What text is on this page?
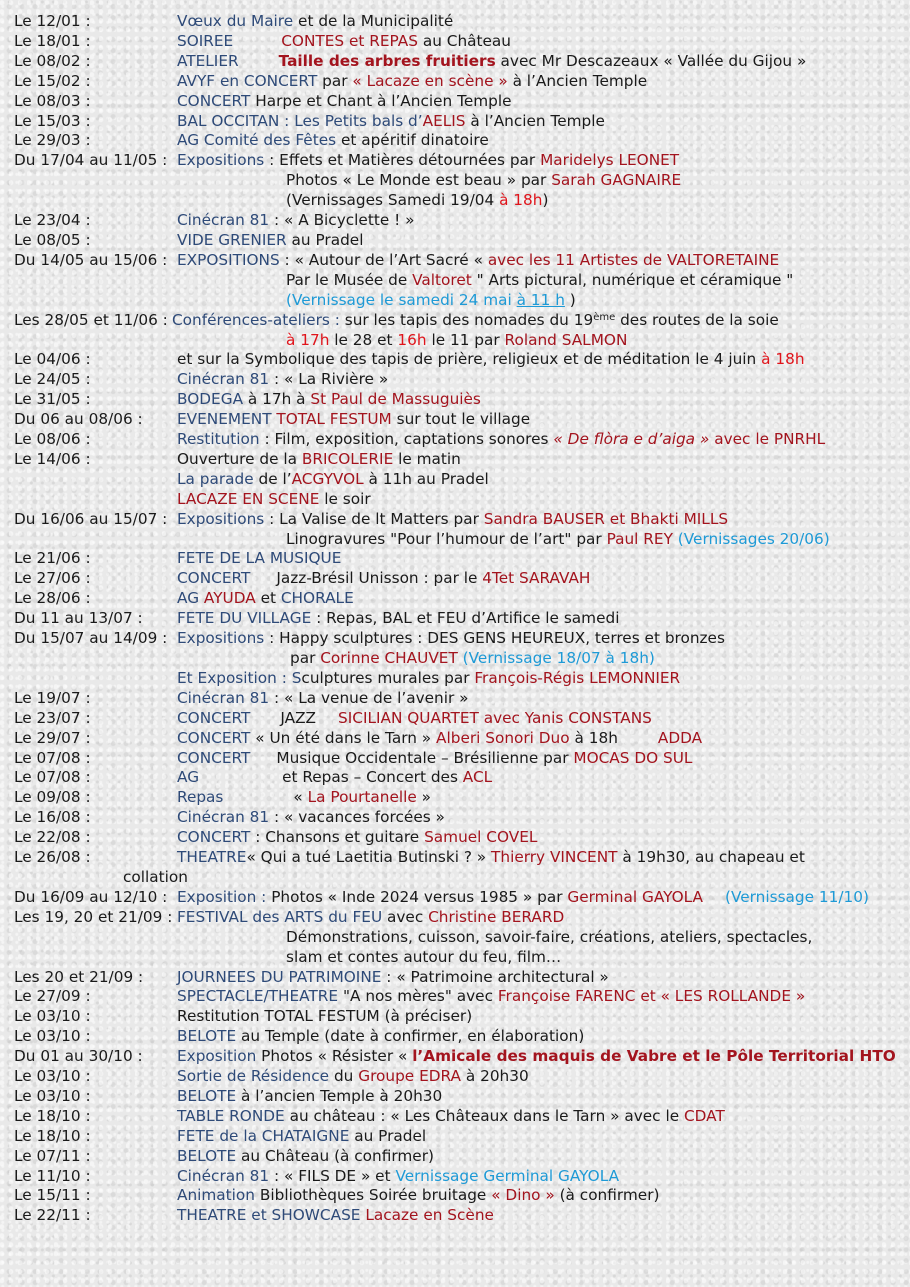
Le 12/01 :	Vœux du Maire et de la Municipalité
Le 18/01 :	SOIREE	CONTES et REPAS au Château
Le 08/02 :	ATELIER	Taille des arbres fruitiers avec Mr Descazeaux « Vallée du Gijou »
Le 15/02 :	AVYF en CONCERT par « Lacaze en scène » à l’Ancien Temple
Le 08/03 :	CONCERT Harpe et Chant à l’Ancien Temple
Le 15/03 :	BAL OCCITAN : Les Petits bals d’AELIS à l’Ancien Temple
Le 29/03 :	AG Comité des Fêtes et apéritif dinatoire
Du 17/04 au 11/05 : Expositions : Effets et Matières détournées par Maridelys LEONET
Photos « Le Monde est beau » par Sarah GAGNAIRE
(Vernissages Samedi 19/04 à 18h)
Le 23/04 :	Cinécran 81 : « A Bicyclette ! »
Le 08/05 :	VIDE GRENIER au Pradel
Du 14/05 au 15/06 : EXPOSITIONS : « Autour de l’Art Sacré « avec les 11 Artistes de VALTORETAINE
Par le Musée de Valtoret " Arts pictural, numérique et céramique "
(Vernissage le samedi 24 mai à 11 h )
Les 28/05 et 11/06 : Conférences-ateliers : sur les tapis des nomades du 19ème des routes de la soie
à 17h le 28 et 16h le 11 par Roland SALMON
Le 04/06 :	et sur la Symbolique des tapis de prière, religieux et de méditation le 4 juin à 18h
Le 24/05 :	Cinécran 81 : « La Rivière »
Le 31/05 :	BODEGA à 17h à St Paul de Massuguiès
Du 06 au 08/06 : EVENEMENT TOTAL FESTUM sur tout le village
Le 08/06 :	Restitution : Film, exposition, captations sonores « De flòra e d’aiga » avec le PNRHL
Le 14/06 :	Ouverture de la BRICOLERIE le matin
La parade de l’ACGYVOL à 11h au Pradel
LACAZE EN SCENE le soir
Du 16/06 au 15/07 : Expositions : La Valise de lt Matters par Sandra BAUSER et Bhakti MILLS
Linogravures "Pour l’humour de l’art" par Paul REY (Vernissages 20/06)
Le 21/06 :	FETE DE LA MUSIQUE
Le 27/06 :	CONCERT Jazz-Brésil Unisson : par le 4Tet SARAVAH
Le 28/06 :	AG AYUDA et CHORALE
Du 11 au 13/07 : FETE DU VILLAGE : Repas, BAL et FEU d’Artifice le samedi
Du 15/07 au 14/09 : Expositions : Happy sculptures : DES GENS HEUREUX, terres et bronzes
par Corinne CHAUVET (Vernissage 18/07 à 18h)
Et Exposition : Sculptures murales par François-Régis LEMONNIER
Le 19/07 :	Cinécran 81 : « La venue de l’avenir »
Le 23/07 :	CONCERT JAZZ SICILIAN QUARTET avec Yanis CONSTANS
Le 29/07 :	CONCERT « Un été dans le Tarn » Alberi Sonori Duo à 18h	ADDA
Le 07/08 :	CONCERT Musique Occidentale – Brésilienne par MOCAS DO SUL
Le 07/08 :	AG	et Repas – Concert des ACL
Le 09/08 :	Repas	« La Pourtanelle »
Le 16/08 :	Cinécran 81 : « vacances forcées »
Le 22/08 :	CONCERT : Chansons et guitare Samuel COVEL
Le 26/08 :	THEATRE« Qui a tué Laetitia Butinski ? » Thierry VINCENT à 19h30, au chapeau et
collation
Du 16/09 au 12/10 : Exposition : Photos « Inde 2024 versus 1985 » par Germinal GAYOLA (Vernissage 11/10)
Les 19, 20 et 21/09 : FESTIVAL des ARTS du FEU avec Christine BERARD
Démonstrations, cuisson, savoir-faire, créations, ateliers, spectacles,
slam et contes autour du feu, film…
Les 20 et 21/09 : JOURNEES DU PATRIMOINE : « Patrimoine architectural »
Le 27/09 :	SPECTACLE/THEATRE "A nos mères" avec Françoise FARENC et « LES ROLLANDE »
Le 03/10 :	Restitution TOTAL FESTUM (à préciser)
Le 03/10 :	BELOTE au Temple (date à confirmer, en élaboration)
Du 01 au 30/10 : Exposition Photos « Résister « l’Amicale des maquis de Vabre et le Pôle Territorial HTO
Le 03/10 :	Sortie de Résidence du Groupe EDRA à 20h30
Le 03/10 :	BELOTE à l’ancien Temple à 20h30
Le 18/10 :	TABLE RONDE au château : « Les Châteaux dans le Tarn » avec le CDAT
Le 18/10 :	FETE de la CHATAIGNE au Pradel
Le 07/11 :	BELOTE au Château (à confirmer)
Le 11/10 :	Cinécran 81 : « FILS DE » et Vernissage Germinal GAYOLA
Le 15/11 :	Animation Bibliothèques Soirée bruitage « Dino » (à confirmer)
Le 22/11 :	THEATRE et SHOWCASE Lacaze en Scène
